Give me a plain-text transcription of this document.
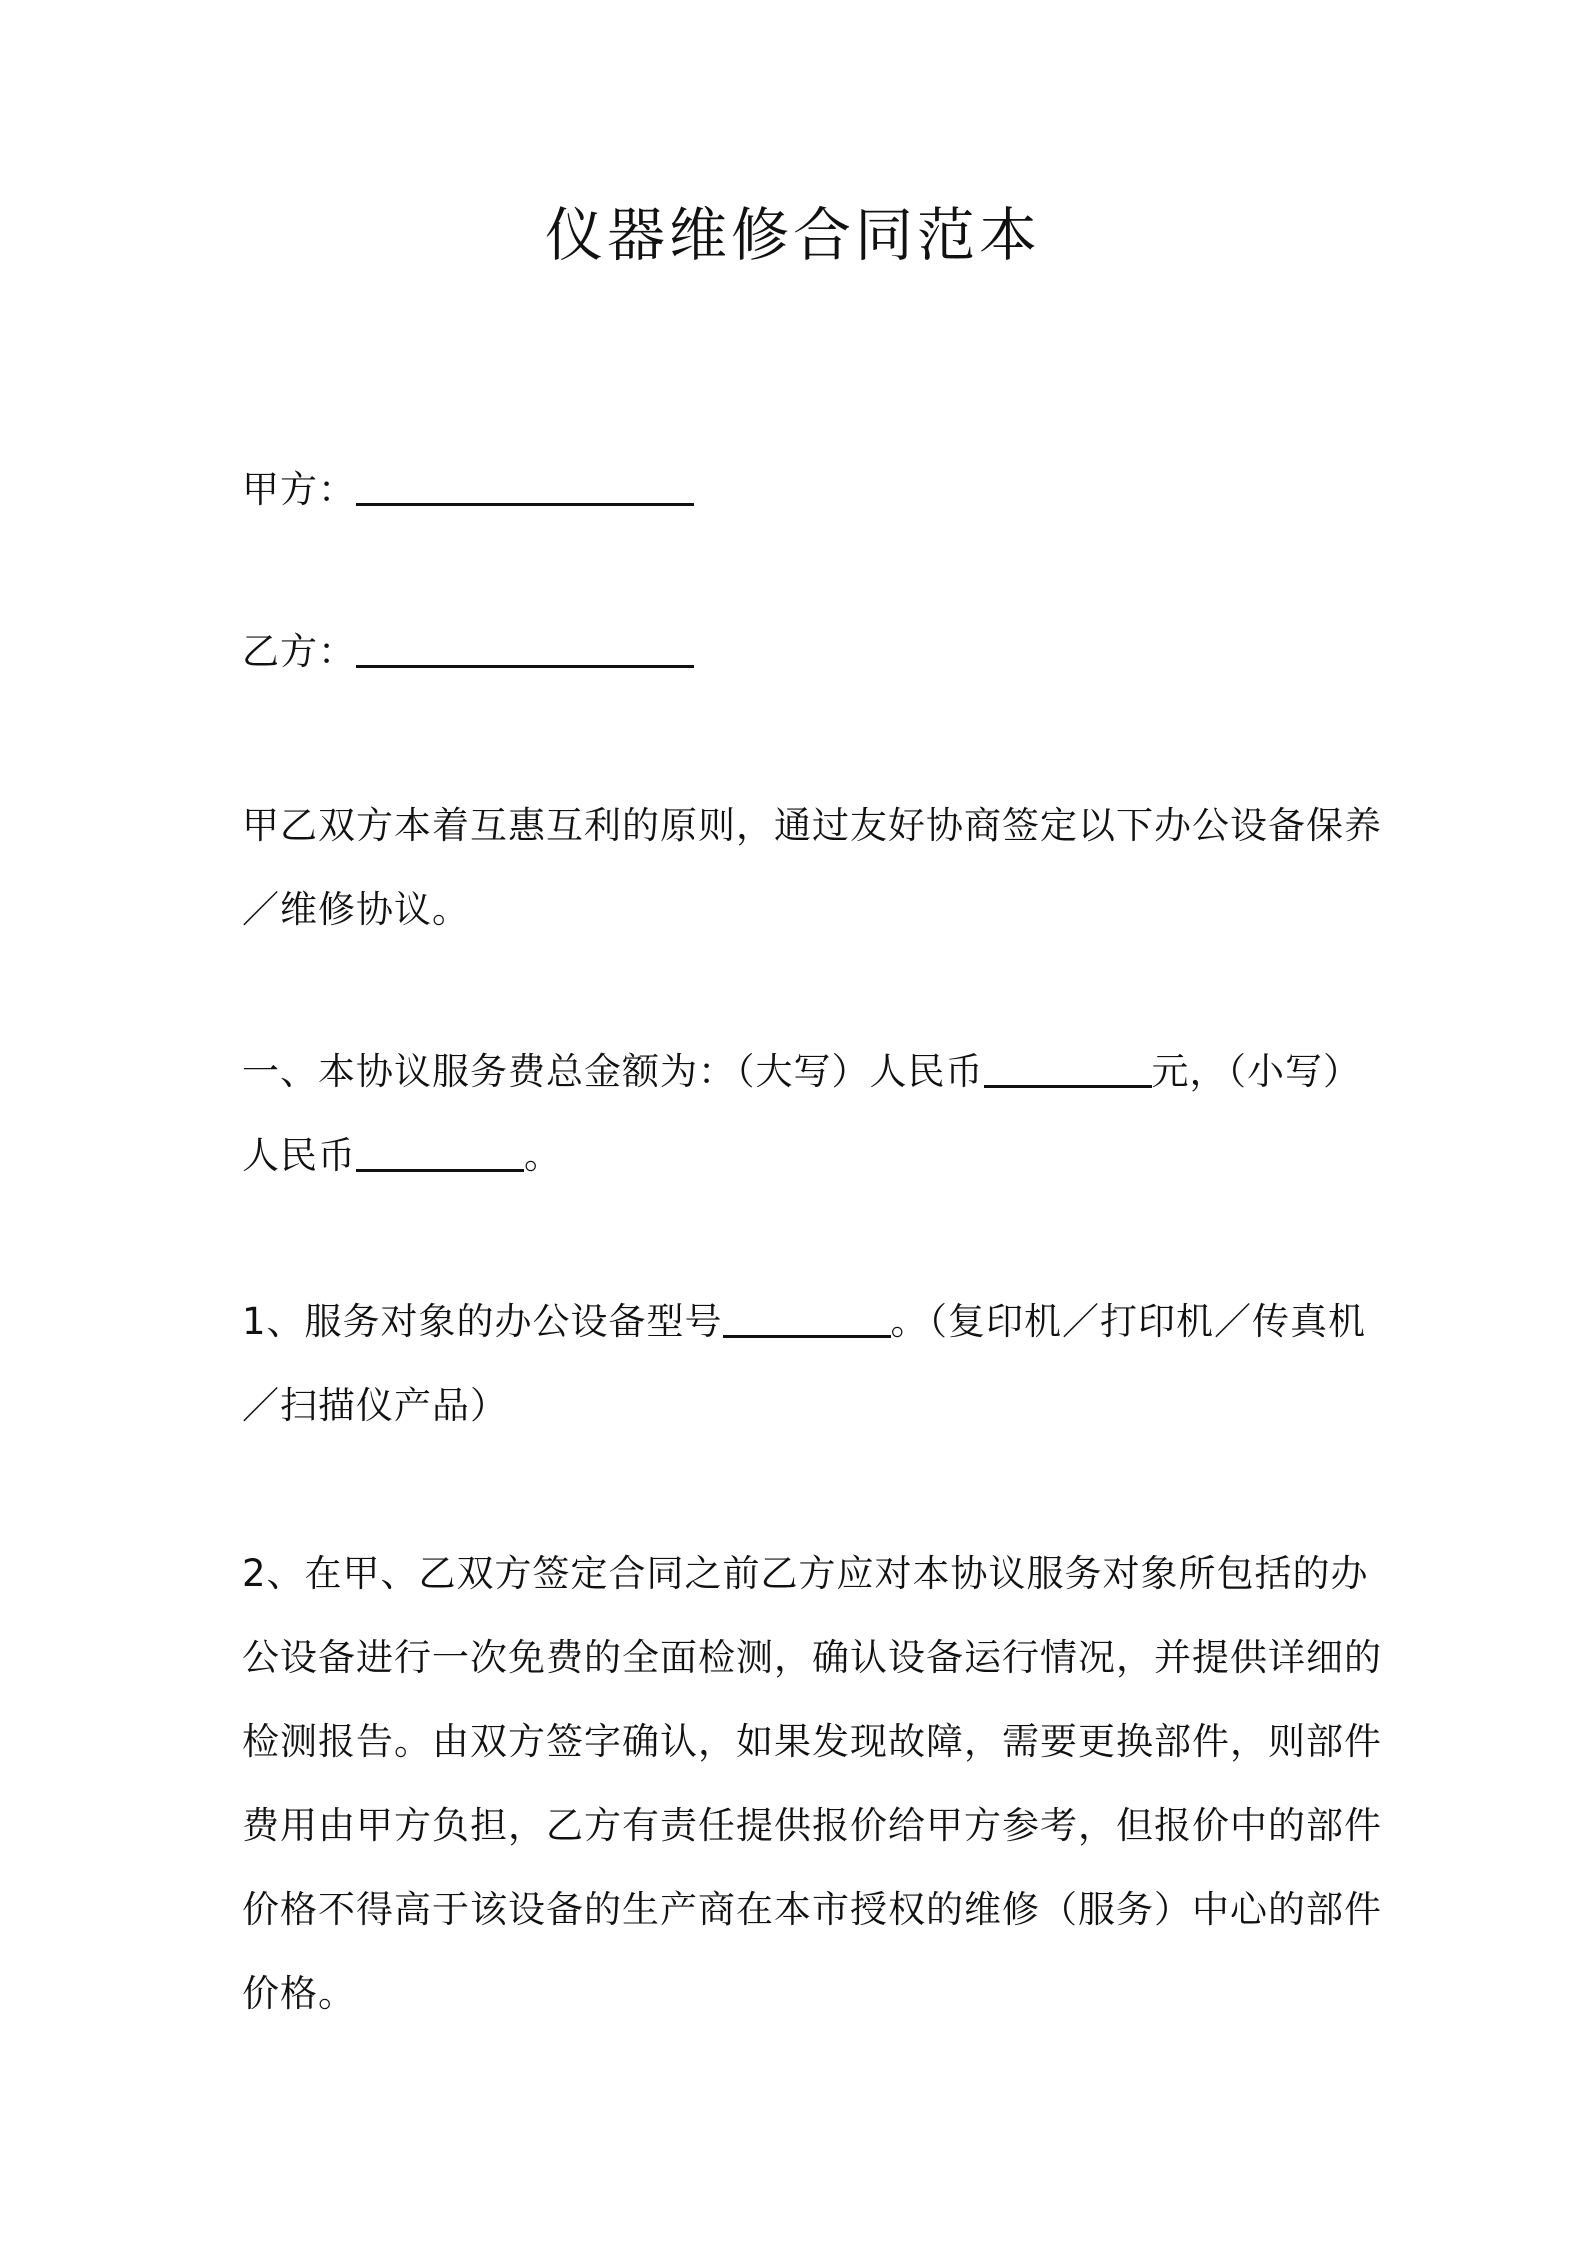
仪器维修合同范本
甲方：
乙方：
甲乙双方本着互惠互利的原则，通过友好协商签定以下办公设备保养
／维修协议。
一、本协议服务费总金额为：（大写）人民币	元，（小写）
人民币	。
1、服务对象的办公设备型号	。（复印机／打印机／传真机
／扫描仪产品）
2、在甲、乙双方签定合同之前乙方应对本协议服务对象所包括的办
公设备进行一次免费的全面检测，确认设备运行情况，并提供详细的
检测报告。由双方签字确认，如果发现故障，需要更换部件，则部件
费用由甲方负担，乙方有责任提供报价给甲方参考，但报价中的部件
价格不得高于该设备的生产商在本市授权的维修（服务）中心的部件
价格。
